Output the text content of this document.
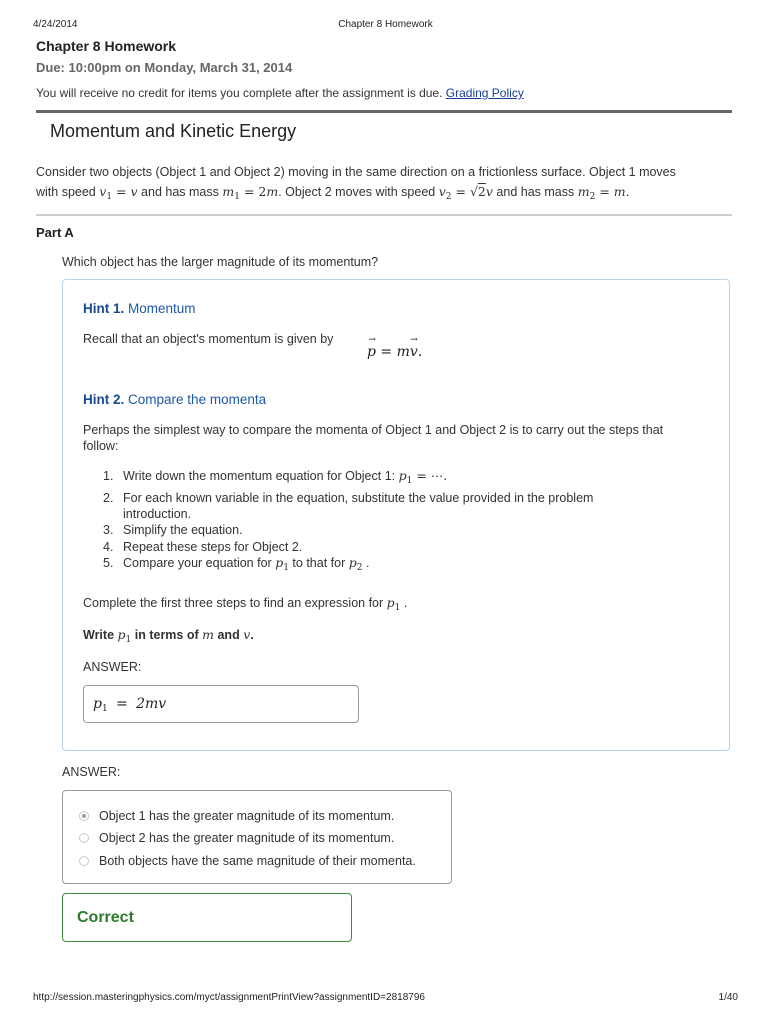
4/24/2014	Chapter 8 Homework
Chapter 8 Homework
Due: 10:00pm on Monday, March 31, 2014
You will receive no credit for items you complete after the assignment is due. Grading Policy
Momentum and Kinetic Energy
Consider two objects (Object 1 and Object 2) moving in the same direction on a frictionless surface. Object 1 moves
with speed $v_1 = v$ and has mass $m_1 = 2m$. Object 2 moves with speed $v_2 = √2v$ and has mass $m_2 = m$.
Part A
Which object has the larger magnitude of its momentum?
Hint 1. Momentum
Recall that an object's momentum is given by
→ p = m→ v.
Hint 2. Compare the momenta
Perhaps the simplest way to compare the momenta of Object 1 and Object 2 is to carry out the steps that
follow:
1. Write down the momentum equation for Object 1: $p_1$ = ⋯.
2. For each known variable in the equation, substitute the value provided in the problem
introduction.
3. Simplify the equation.
4. Repeat these steps for Object 2.
5. Compare your equation for $p_1$ to that for $p_2$ .
Complete the first three steps to find an expression for $p_1$ .
Write $p_1$ in terms of m and v.
ANSWER:
$p_1 = 2mv$
ANSWER:
Object 1 has the greater magnitude of its momentum.
Object 2 has the greater magnitude of its momentum.
Both objects have the same magnitude of their momenta.
Correct
http://session.masteringphysics.com/myct/assignmentPrintView?assignmentID=2818796	1/40
